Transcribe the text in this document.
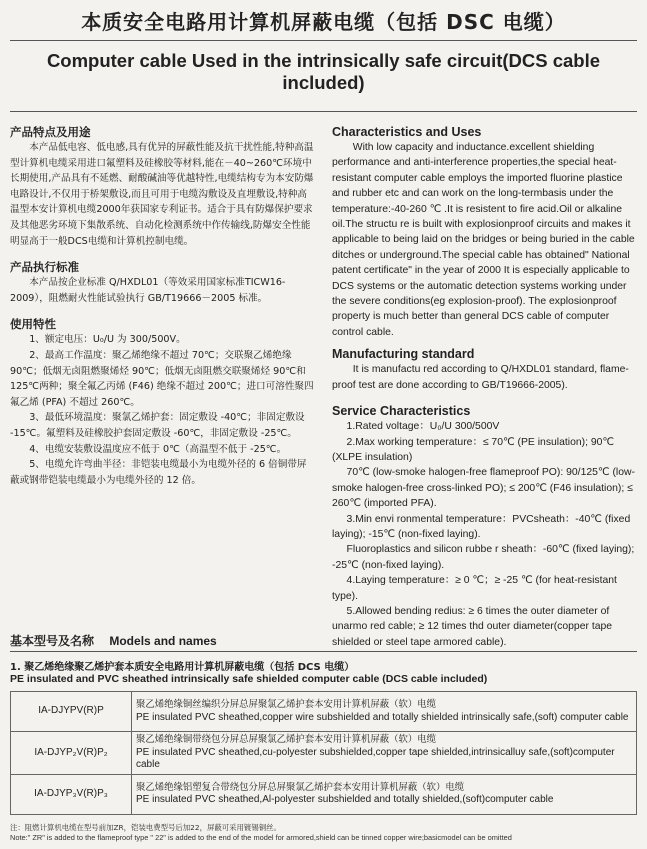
本质安全电路用计算机屏蔽电缆（包括 DSC 电缆）
Computer cable Used in the intrinsically safe circuit(DCS cable included)
产品特点及用途

本产品低电容、低电感,具有优异的屏蔽性能及抗干扰性能,特种高温型计算机电缆采用进口氟塑料及硅橡胶等材料,能在－40~260℃环境中长期使用,产品具有不延燃、耐酸碱油等优越特性,电缆结构专为本安防爆电路设计,不仅用于桥架敷设,而且可用于电缆沟敷设及直埋敷设,特种高温型本安计算机电缆2000年获国家专利证书。适合于具有防爆保护要求及其他恶劣环境下集散系统、自动化检测系统中作传输线,防爆安全性能明显高于一般DCS电缆和计算机控制电缆。

产品执行标准

本产品按企业标准 Q/HXDL01（等效采用国家标准TICW16-2009），阻燃耐火性能试验执行 GB/T19666－2005 标准。

使用特性

1、额定电压：U₀/U 为 300/500V。

2、最高工作温度：聚乙烯绝缘不超过 70℃；交联聚乙烯绝缘 90℃；低烟无卤阻燃聚烯烃 90℃；低烟无卤阻燃交联聚烯烃 90℃和 125℃两种；聚全氟乙丙烯 (F46) 绝缘不超过 200℃；进口可溶性聚四氟乙烯 (PFA) 不超过 260℃。

3、最低环境温度：聚氯乙烯护套：固定敷设 -40℃；非固定敷设 -15℃。氟塑料及硅橡胶护套固定敷设 -60℃，非固定敷设 -25℃。

4、电缆安装敷设温度应不低于 0℃（高温型不低于 -25℃。

5、电缆允许弯曲半径：非铠装电缆最小为电缆外径的 6 倍铜带屏蔽或钢带铠装电缆最小为电缆外径的 12 倍。

Characteristics and Uses

With low capacity and inductance.excellent shielding performance and anti-interference properties,the special heat-resistant computer cable employs the imported fluorine plastice and rubber etc and can work on the long-termbasis under the temperature:-40-260 ℃ .It is resistent to fire acid.Oil or alkaline oil.The structu re is built with explosionproof circuits and makes it applicable to being laid on the bridges or being buried in the cable ditches or underground.The special cable has obtained" National patent certificate" in the year of 2000 It is especially applicable to DCS systems or the automatic detection systems working under the severe conditions(eg explosion-proof). The explosionproof property is much better than general DCS cable of computer control cable.

Manufacturing standard

It is manufactu red according to Q/HXDL01 standard, flame-proof test are done according to GB/T19666-2005).

Service Characteristics

1.Rated voltage：U₀/U 300/500V

2.Max working temperature：≤ 70℃ (PE insulation); 90℃ (XLPE insulation)

70℃ (low-smoke halogen-free flameproof PO): 90/125℃ (low-smoke halogen-free cross-linked PO); ≤ 200℃ (F46 insulation); ≤ 260℃ (imported PFA).

3.Min envi ronmental temperature：PVCsheath：-40℃ (fixed laying); -15℃ (non-fixed laying).

Fluoroplastics and silicon rubbe r sheath：-60℃ (fixed laying); -25℃ (non-fixed laying).

4.Laying temperature：≥ 0 ℃；≥ -25 ℃ (for heat-resistant type).

5.Allowed bending redius: ≥ 6 times the outer diameter of unarmo red cable; ≥ 12 times thd outer diameter(copper tape shielded or steel tape armored cable).

基本型号及名称 Models and names
1. 聚乙烯绝缘聚乙烯护套本质安全电路用计算机屏蔽电缆（包括 DCS 电缆）
PE insulated and PVC sheathed intrinsically safe shielded computer cable (DCS cable included)
IA-DJYPV(R)P	聚乙烯绝缘铜丝编织分屏总屏聚氯乙烯护套本安用计算机屏蔽（软）电缆
PE insulated PVC sheathed,copper wire subshielded and totally shielded intrinsically safe,(soft) computer cable

IA-DJYP₂V(R)P₂	聚乙烯绝缘铜带绕包分屏总屏聚氯乙烯护套本安用计算机屏蔽（软）电缆
PE insulated PVC sheathed,cu-polyester subshielded,copper tape shielded,intrinsicalluy safe,(soft)computer cable

IA-DJYP₃V(R)P₃	聚乙烯绝缘铝塑复合带绕包分屏总屏聚氯乙烯护套本安用计算机屏蔽（软）电缆
PE insulated PVC sheathed,Al-polyester subshielded and totally shielded,(soft)computer cable
注：阻燃计算机电缆在型号前加ZR，铠装电费型号后加22，屏蔽可采用镀锡铜丝。
Note:" ZR" is added to the flameproof type " 22" is added to the end of the model for armored,shield can be tinned copper wire;basicmodel can be omitted
